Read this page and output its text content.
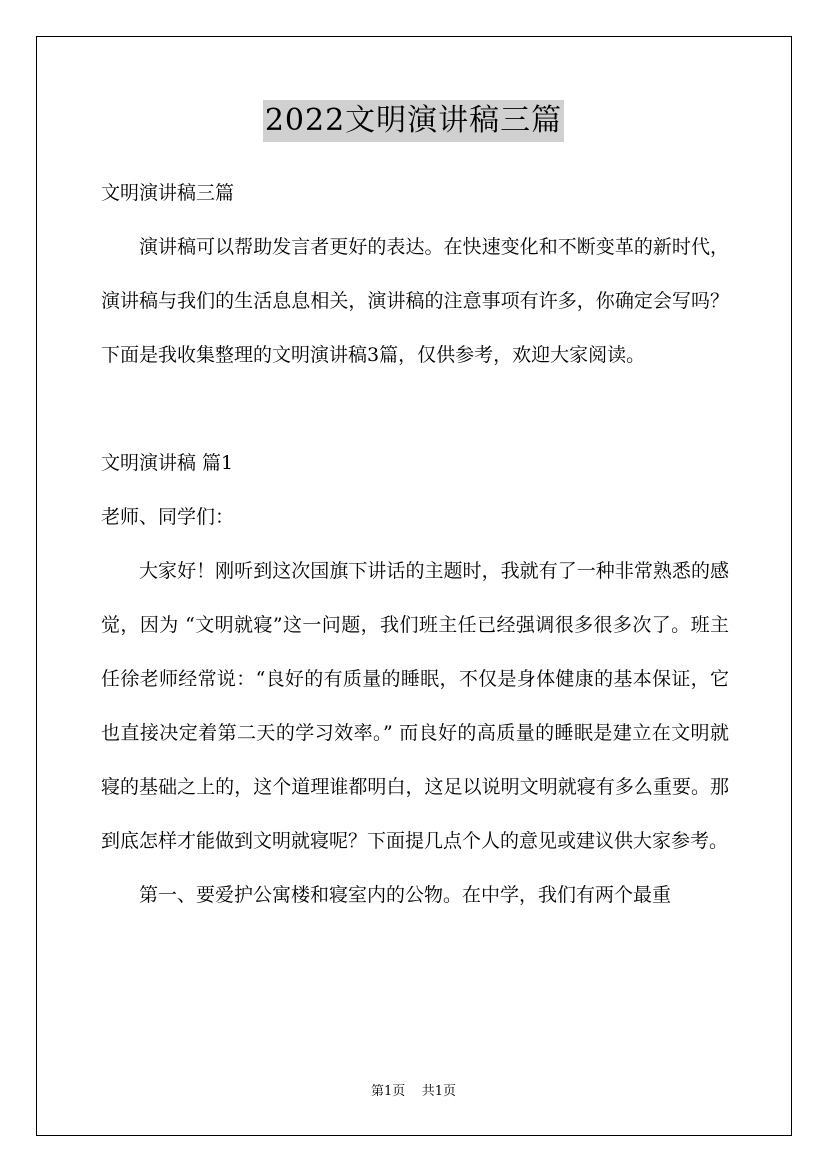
2022文明演讲稿三篇

文明演讲稿三篇

演讲稿可以帮助发言者更好的表达。在快速变化和不断变革的新时代，演讲稿与我们的生活息息相关，演讲稿的注意事项有许多，你确定会写吗？下面是我收集整理的文明演讲稿3篇，仅供参考，欢迎大家阅读。

文明演讲稿 篇1

老师、同学们：

大家好！刚听到这次国旗下讲话的主题时，我就有了一种非常熟悉的感觉，因为 “文明就寝”这一问题，我们班主任已经强调很多很多次了。班主任徐老师经常说：“良好的有质量的睡眠，不仅是身体健康的基本保证，它也直接决定着第二天的学习效率。” 而良好的高质量的睡眠是建立在文明就寝的基础之上的，这个道理谁都明白，这足以说明文明就寝有多么重要。那到底怎样才能做到文明就寝呢？下面提几点个人的意见或建议供大家参考。

第一、要爱护公寓楼和寝室内的公物。在中学，我们有两个最重

第1页 共1页
